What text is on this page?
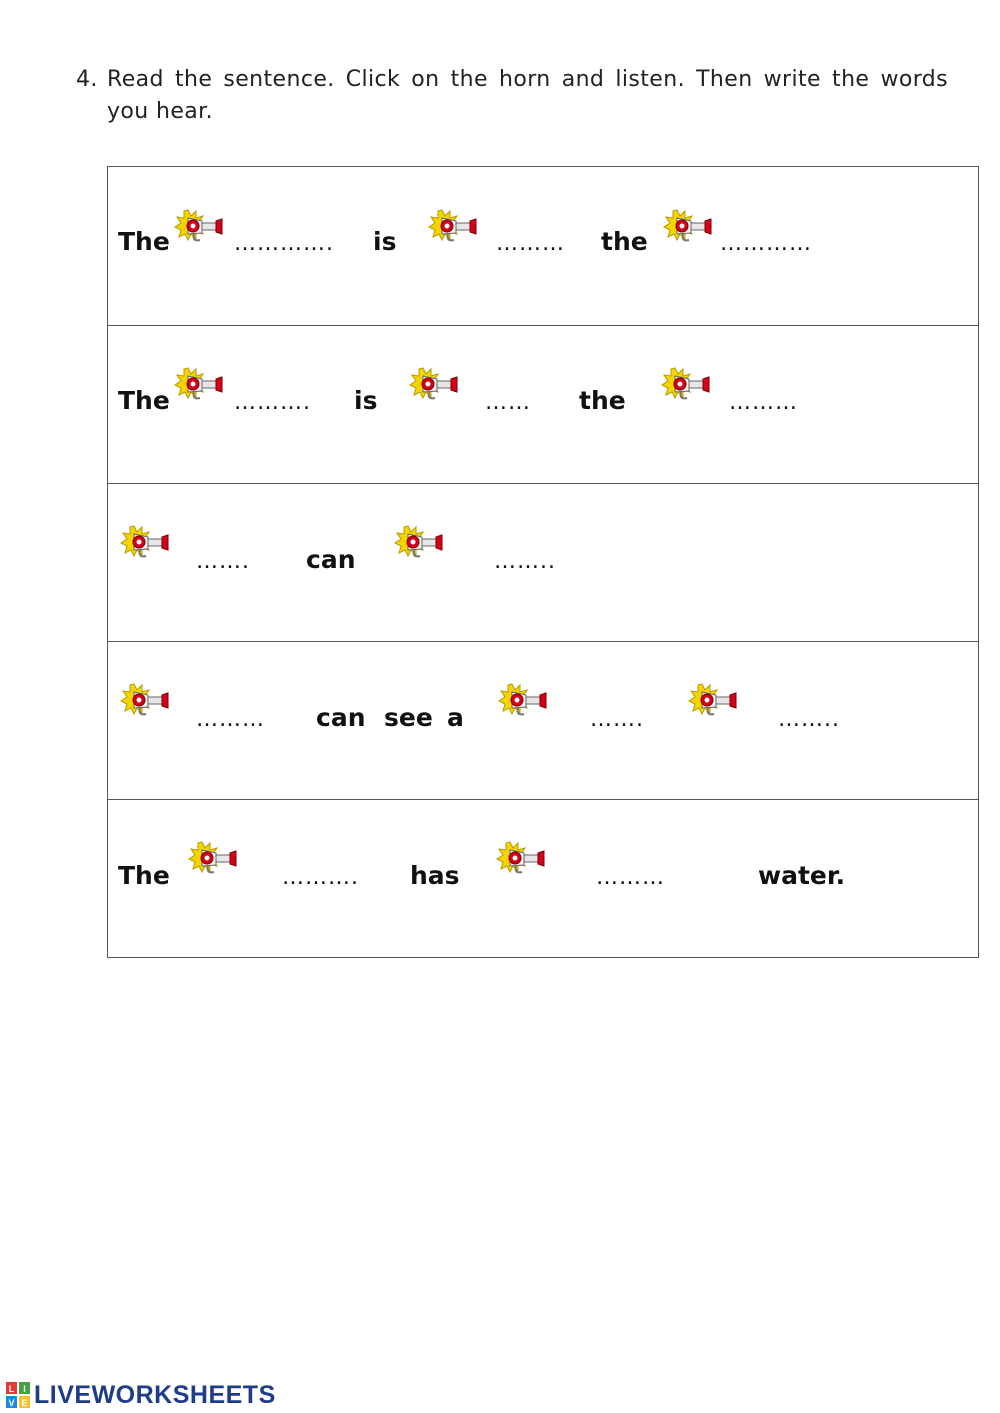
4. Read the sentence. Click on the horn and listen. Then write the words you hear.
The	…………. is	……… the	…………
The	………. is	…… the	………
……. can	……..
……… can see a	…….	……..
The	………. has	………	water.
L I
V E LIVEWORKSHEETS
